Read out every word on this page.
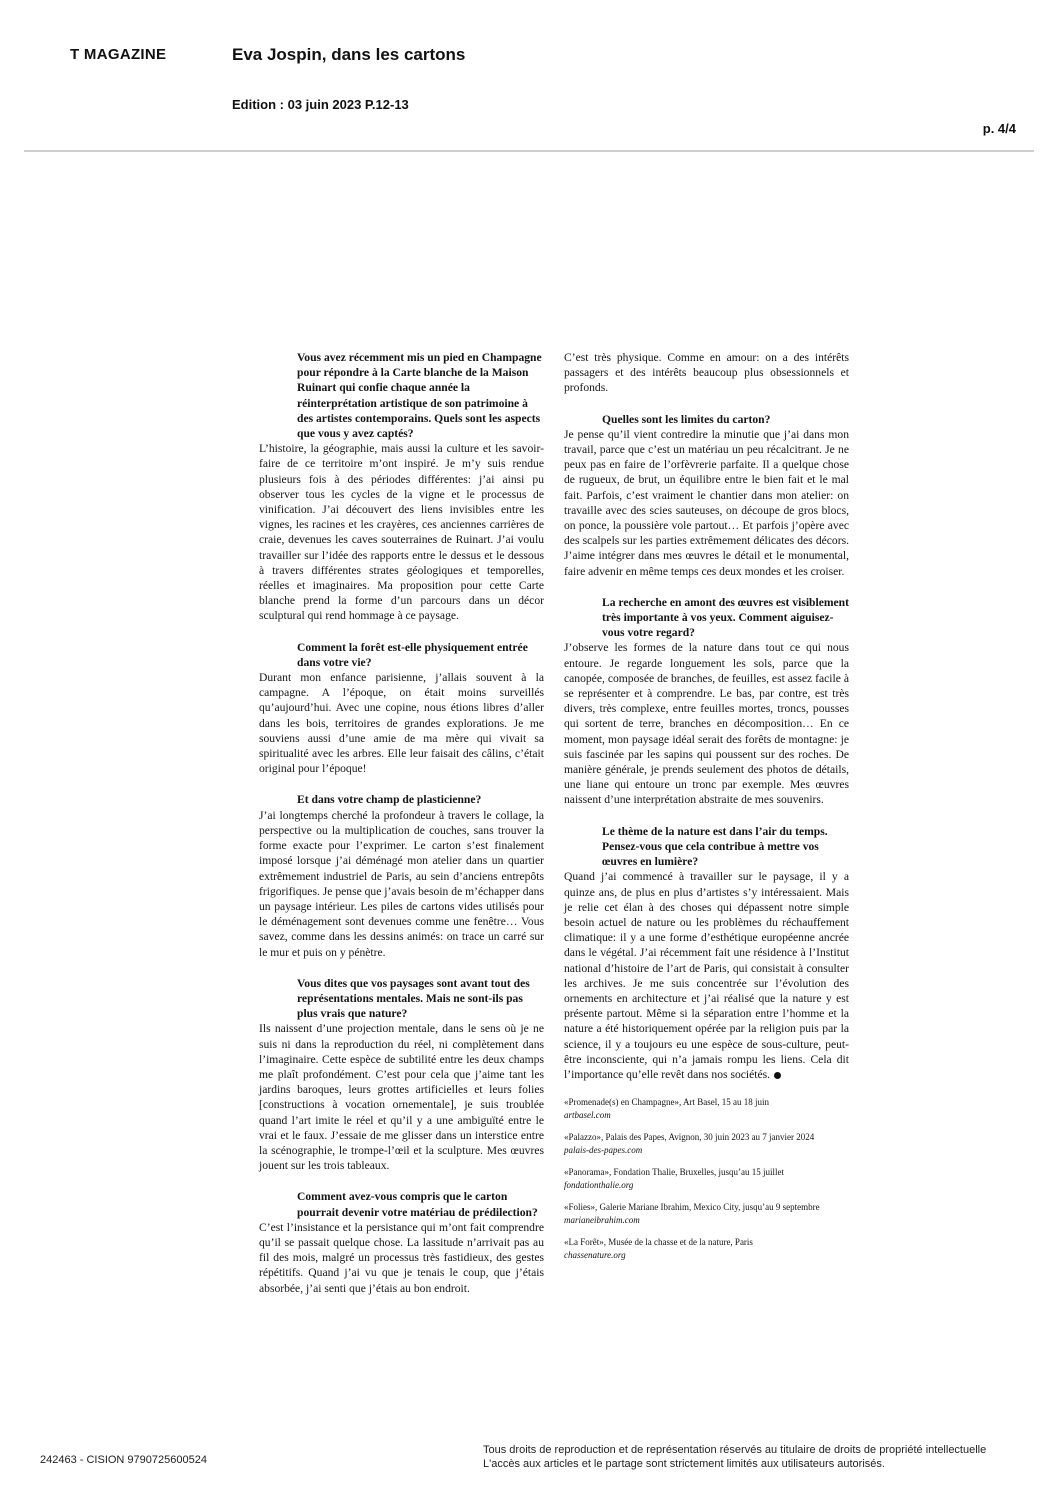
T MAGAZINE	Eva Jospin, dans les cartons
Edition : 03 juin 2023 P.12-13
p. 4/4

Vous avez récemment mis un pied en Champagne pour répondre à la Carte blanche de la Maison Ruinart qui confie chaque année la réinterprétation artistique de son patrimoine à des artistes contemporains. Quels sont les aspects que vous y avez captés?

L’histoire, la géographie, mais aussi la culture et les savoir-faire de ce territoire m’ont inspiré. Je m’y suis rendue plusieurs fois à des périodes différentes: j’ai ainsi pu observer tous les cycles de la vigne et le processus de vinification. J’ai découvert des liens invisibles entre les vignes, les racines et les crayères, ces anciennes carrières de craie, devenues les caves souterraines de Ruinart. J’ai voulu travailler sur l’idée des rapports entre le dessus et le dessous à travers différentes strates géologiques et temporelles, réelles et imaginaires. Ma proposition pour cette Carte blanche prend la forme d’un parcours dans un décor sculptural qui rend hommage à ce paysage.

Comment la forêt est-elle physiquement entrée dans votre vie?

Durant mon enfance parisienne, j’allais souvent à la campagne. A l’époque, on était moins surveillés qu’aujourd’hui. Avec une copine, nous étions libres d’aller dans les bois, territoires de grandes explorations. Je me souviens aussi d’une amie de ma mère qui vivait sa spiritualité avec les arbres. Elle leur faisait des câlins, c’était original pour l’époque!

Et dans votre champ de plasticienne?

J’ai longtemps cherché la profondeur à travers le collage, la perspective ou la multiplication de couches, sans trouver la forme exacte pour l’exprimer. Le carton s’est finalement imposé lorsque j’ai déménagé mon atelier dans un quartier extrêmement industriel de Paris, au sein d’anciens entrepôts frigorifiques. Je pense que j’avais besoin de m’échapper dans un paysage intérieur. Les piles de cartons vides utilisés pour le déménagement sont devenues comme une fenêtre… Vous savez, comme dans les dessins animés: on trace un carré sur le mur et puis on y pénètre.

Vous dites que vos paysages sont avant tout des représentations mentales. Mais ne sont-ils pas plus vrais que nature?

Ils naissent d’une projection mentale, dans le sens où je ne suis ni dans la reproduction du réel, ni complètement dans l’imaginaire. Cette espèce de subtilité entre les deux champs me plaît profondément. C’est pour cela que j’aime tant les jardins baroques, leurs grottes artificielles et leurs folies [constructions à vocation ornementale], je suis troublée quand l’art imite le réel et qu’il y a une ambiguïté entre le vrai et le faux. J’essaie de me glisser dans un interstice entre la scénographie, le trompe-l’œil et la sculpture. Mes œuvres jouent sur les trois tableaux.

Comment avez-vous compris que le carton pourrait devenir votre matériau de prédilection?

C’est l’insistance et la persistance qui m’ont fait comprendre qu’il se passait quelque chose. La lassitude n’arrivait pas au fil des mois, malgré un processus très fastidieux, des gestes répétitifs. Quand j’ai vu que je tenais le coup, que j’étais absorbée, j’ai senti que j’étais au bon endroit.

C’est très physique. Comme en amour: on a des intérêts passagers et des intérêts beaucoup plus obsessionnels et profonds.

Quelles sont les limites du carton?

Je pense qu’il vient contredire la minutie que j’ai dans mon travail, parce que c’est un matériau un peu récalcitrant. Je ne peux pas en faire de l’orfèvrerie parfaite. Il a quelque chose de rugueux, de brut, un équilibre entre le bien fait et le mal fait. Parfois, c’est vraiment le chantier dans mon atelier: on travaille avec des scies sauteuses, on découpe de gros blocs, on ponce, la poussière vole partout… Et parfois j’opère avec des scalpels sur les parties extrêmement délicates des décors. J’aime intégrer dans mes œuvres le détail et le monumental, faire advenir en même temps ces deux mondes et les croiser.

La recherche en amont des œuvres est visiblement très importante à vos yeux. Comment aiguisez-vous votre regard?

J’observe les formes de la nature dans tout ce qui nous entoure. Je regarde longuement les sols, parce que la canopée, composée de branches, de feuilles, est assez facile à se représenter et à comprendre. Le bas, par contre, est très divers, très complexe, entre feuilles mortes, troncs, pousses qui sortent de terre, branches en décomposition… En ce moment, mon paysage idéal serait des forêts de montagne: je suis fascinée par les sapins qui poussent sur des roches. De manière générale, je prends seulement des photos de détails, une liane qui entoure un tronc par exemple. Mes œuvres naissent d’une interprétation abstraite de mes souvenirs.

Le thème de la nature est dans l’air du temps. Pensez-vous que cela contribue à mettre vos œuvres en lumière?

Quand j’ai commencé à travailler sur le paysage, il y a quinze ans, de plus en plus d’artistes s’y intéressaient. Mais je relie cet élan à des choses qui dépassent notre simple besoin actuel de nature ou les problèmes du réchauffement climatique: il y a une forme d’esthétique européenne ancrée dans le végétal. J’ai récemment fait une résidence à l’Institut national d’histoire de l’art de Paris, qui consistait à consulter les archives. Je me suis concentrée sur l’évolution des ornements en architecture et j’ai réalisé que la nature y est présente partout. Même si la séparation entre l’homme et la nature a été historiquement opérée par la religion puis par la science, il y a toujours eu une espèce de sous-culture, peut-être inconsciente, qui n’a jamais rompu les liens. Cela dit l’importance qu’elle revêt dans nos sociétés.

«Promenade(s) en Champagne», Art Basel, 15 au 18 juin
artbasel.com

«Palazzo», Palais des Papes, Avignon, 30 juin 2023 au 7 janvier 2024
palais-des-papes.com

«Panorama», Fondation Thalie, Bruxelles, jusqu’au 15 juillet
fondationthalie.org

«Folies», Galerie Mariane Ibrahim, Mexico City, jusqu’au 9 septembre
marianeibrahim.com

«La Forêt», Musée de la chasse et de la nature, Paris
chassenature.org

242463 - CISION 9790725600524
Tous droits de reproduction et de représentation réservés au titulaire de droits de propriété intellectuelle
L'accès aux articles et le partage sont strictement limités aux utilisateurs autorisés.
